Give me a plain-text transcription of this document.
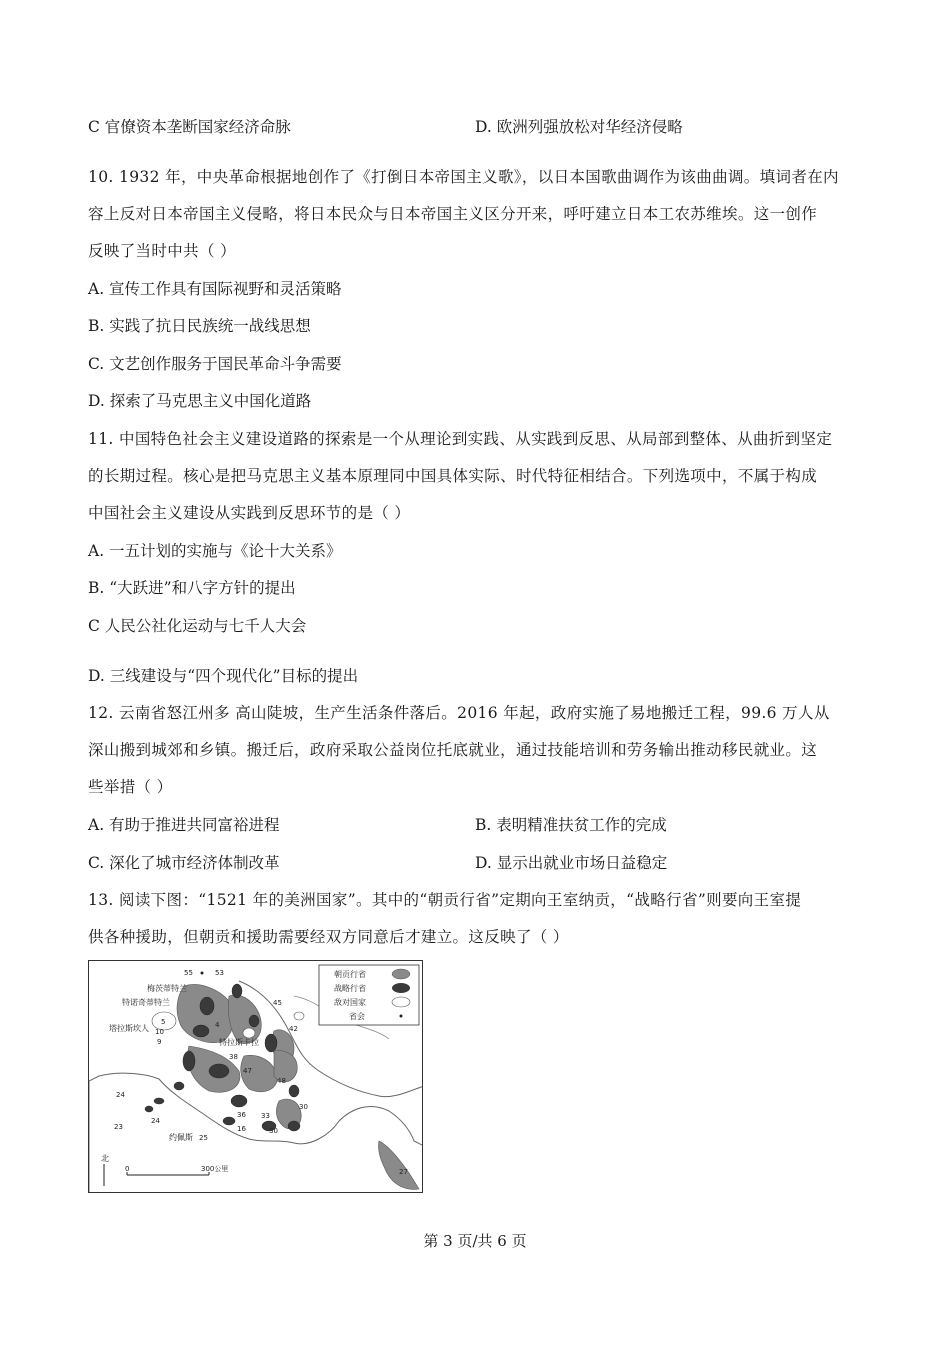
C 官僚资本垄断国家经济命脉	D. 欧洲列强放松对华经济侵略
10. 1932 年，中央革命根据地创作了《打倒日本帝国主义歌》，以日本国歌曲调作为该曲曲调。填词者在内
容上反对日本帝国主义侵略，将日本民众与日本帝国主义区分开来，呼吁建立日本工农苏维埃。这一创作
反映了当时中共（ ）
A. 宣传工作具有国际视野和灵活策略
B. 实践了抗日民族统一战线思想
C. 文艺创作服务于国民革命斗争需要
D. 探索了马克思主义中国化道路
11. 中国特色社会主义建设道路的探索是一个从理论到实践、从实践到反思、从局部到整体、从曲折到坚定
的长期过程。核心是把马克思主义基本原理同中国具体实际、时代特征相结合。下列选项中，不属于构成
中国社会主义建设从实践到反思环节的是（ ）
A. 一五计划的实施与《论十大关系》
B. “大跃进”和八字方针的提出
C 人民公社化运动与七千人大会
D. 三线建设与“四个现代化”目标的提出
12. 云南省怒江州多 高山陡坡，生产生活条件落后。2016 年起，政府实施了易地搬迁工程，99.6 万人从
深山搬到城郊和乡镇。搬迁后，政府采取公益岗位托底就业，通过技能培训和劳务输出推动移民就业。这
些举措（ ）
A. 有助于推进共同富裕进程	B. 表明精准扶贫工作的完成
C. 深化了城市经济体制改革	D. 显示出就业市场日益稳定
13. 阅读下图：“1521 年的美洲国家”。其中的“朝贡行省”定期向王室纳贡，“战略行省”则要向王室提
供各种援助，但朝贡和援助需要经双方同意后才建立。这反映了（ ）
朝贡行省
战略行省
敌对国家
省会
梅茨蒂特兰
特诺奇蒂特兰
塔拉斯坎人
特拉斯卡拉
约佩斯
55	53
45
42
5
10
9
4
24
23
36
16
24
25
30
33
30
27
48
47
38
北
0	300公里
第 3 页/共 6 页
